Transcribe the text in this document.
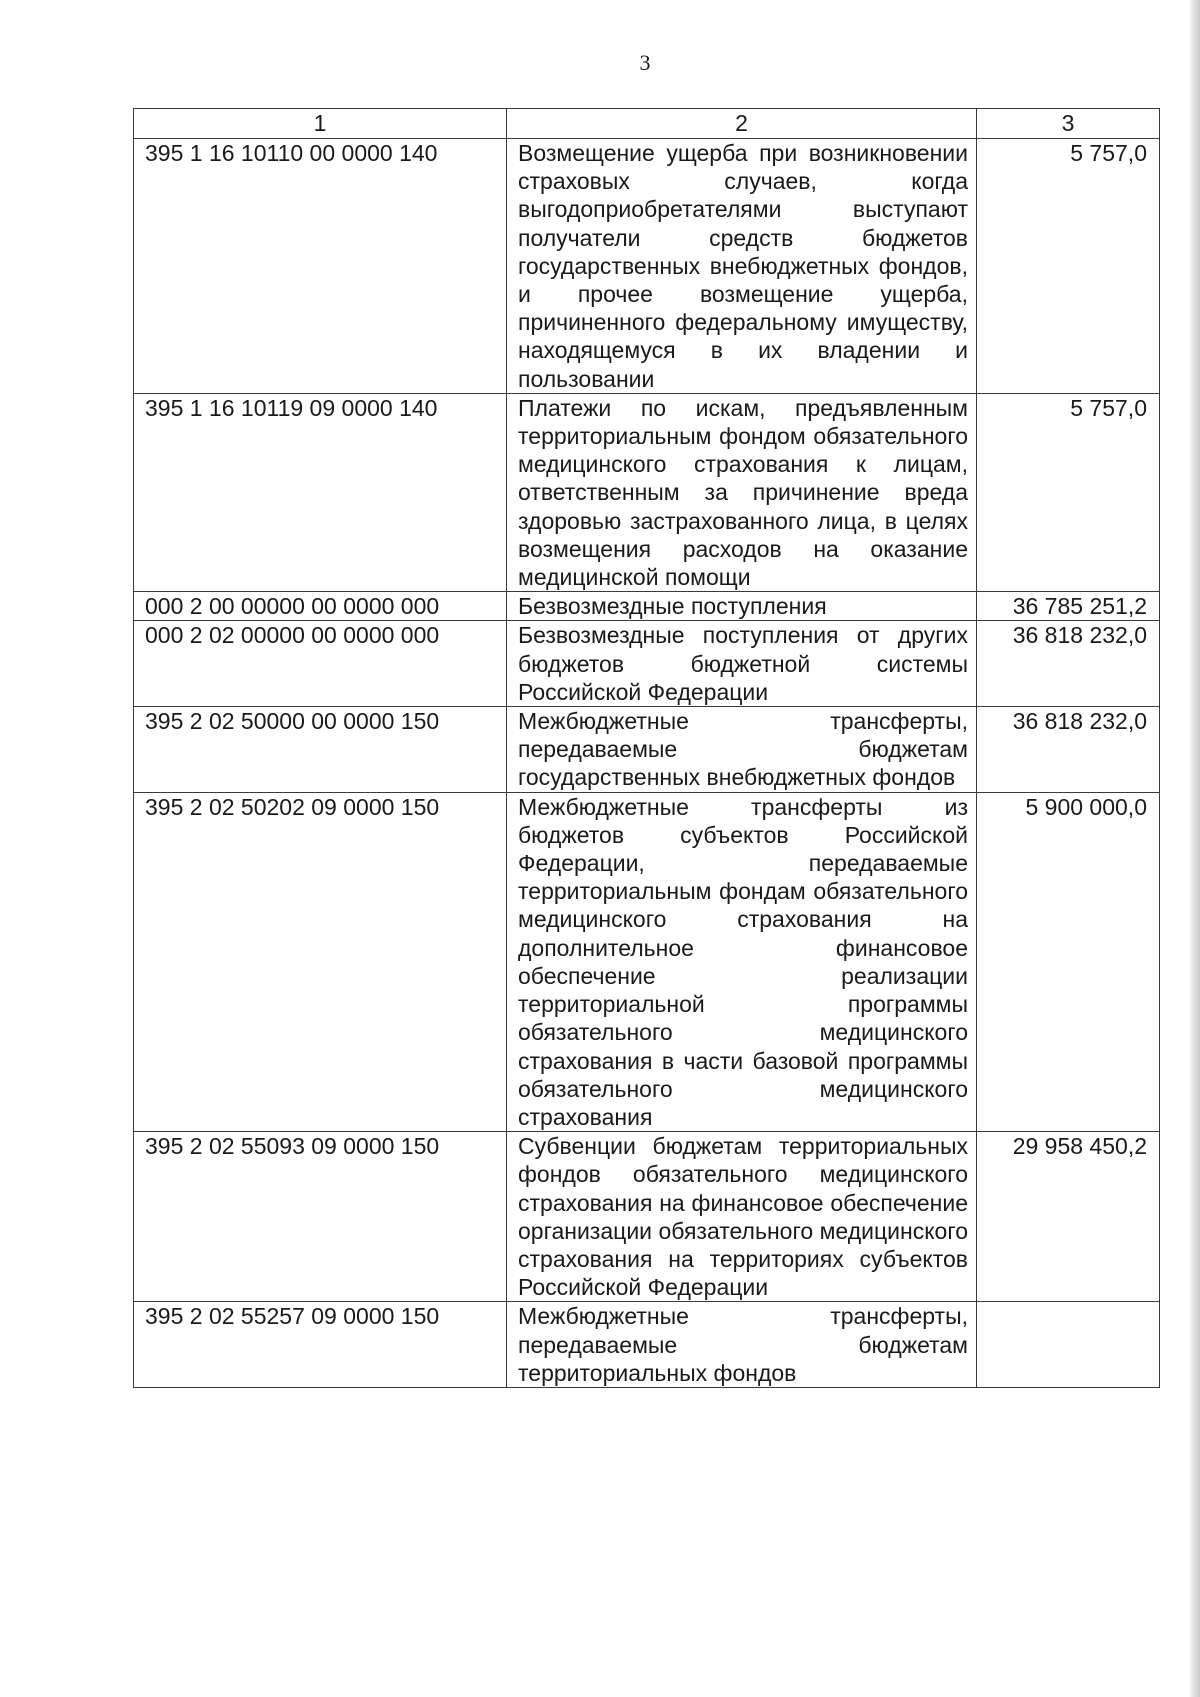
3
1	2	3
395 1 16 10110 00 0000 140	Возмещение ущерба при возникновении страховых случаев, когда выгодоприобретателями выступают получатели средств бюджетов государственных внебюджетных фондов, и прочее возмещение ущерба, причиненного федеральному имуществу, находящемуся в их владении и пользовании	5 757,0
395 1 16 10119 09 0000 140	Платежи по искам, предъявленным территориальным фондом обязательного медицинского страхования к лицам, ответственным за причинение вреда здоровью застрахованного лица, в целях возмещения расходов на оказание медицинской помощи	5 757,0
000 2 00 00000 00 0000 000	Безвозмездные поступления	36 785 251,2
000 2 02 00000 00 0000 000	Безвозмездные поступления от других бюджетов бюджетной системы Российской Федерации	36 818 232,0
395 2 02 50000 00 0000 150	Межбюджетные трансферты, передаваемые бюджетам государственных внебюджетных фондов	36 818 232,0
395 2 02 50202 09 0000 150	Межбюджетные трансферты из бюджетов субъектов Российской Федерации, передаваемые территориальным фондам обязательного медицинского страхования на дополнительное финансовое обеспечение реализации территориальной программы обязательного медицинского страхования в части базовой программы обязательного медицинского страхования	5 900 000,0
395 2 02 55093 09 0000 150	Субвенции бюджетам территориальных фондов обязательного медицинского страхования на финансовое обеспечение организации обязательного медицинского страхования на территориях субъектов Российской Федерации	29 958 450,2
395 2 02 55257 09 0000 150	Межбюджетные трансферты, передаваемые бюджетам территориальных фондов	
